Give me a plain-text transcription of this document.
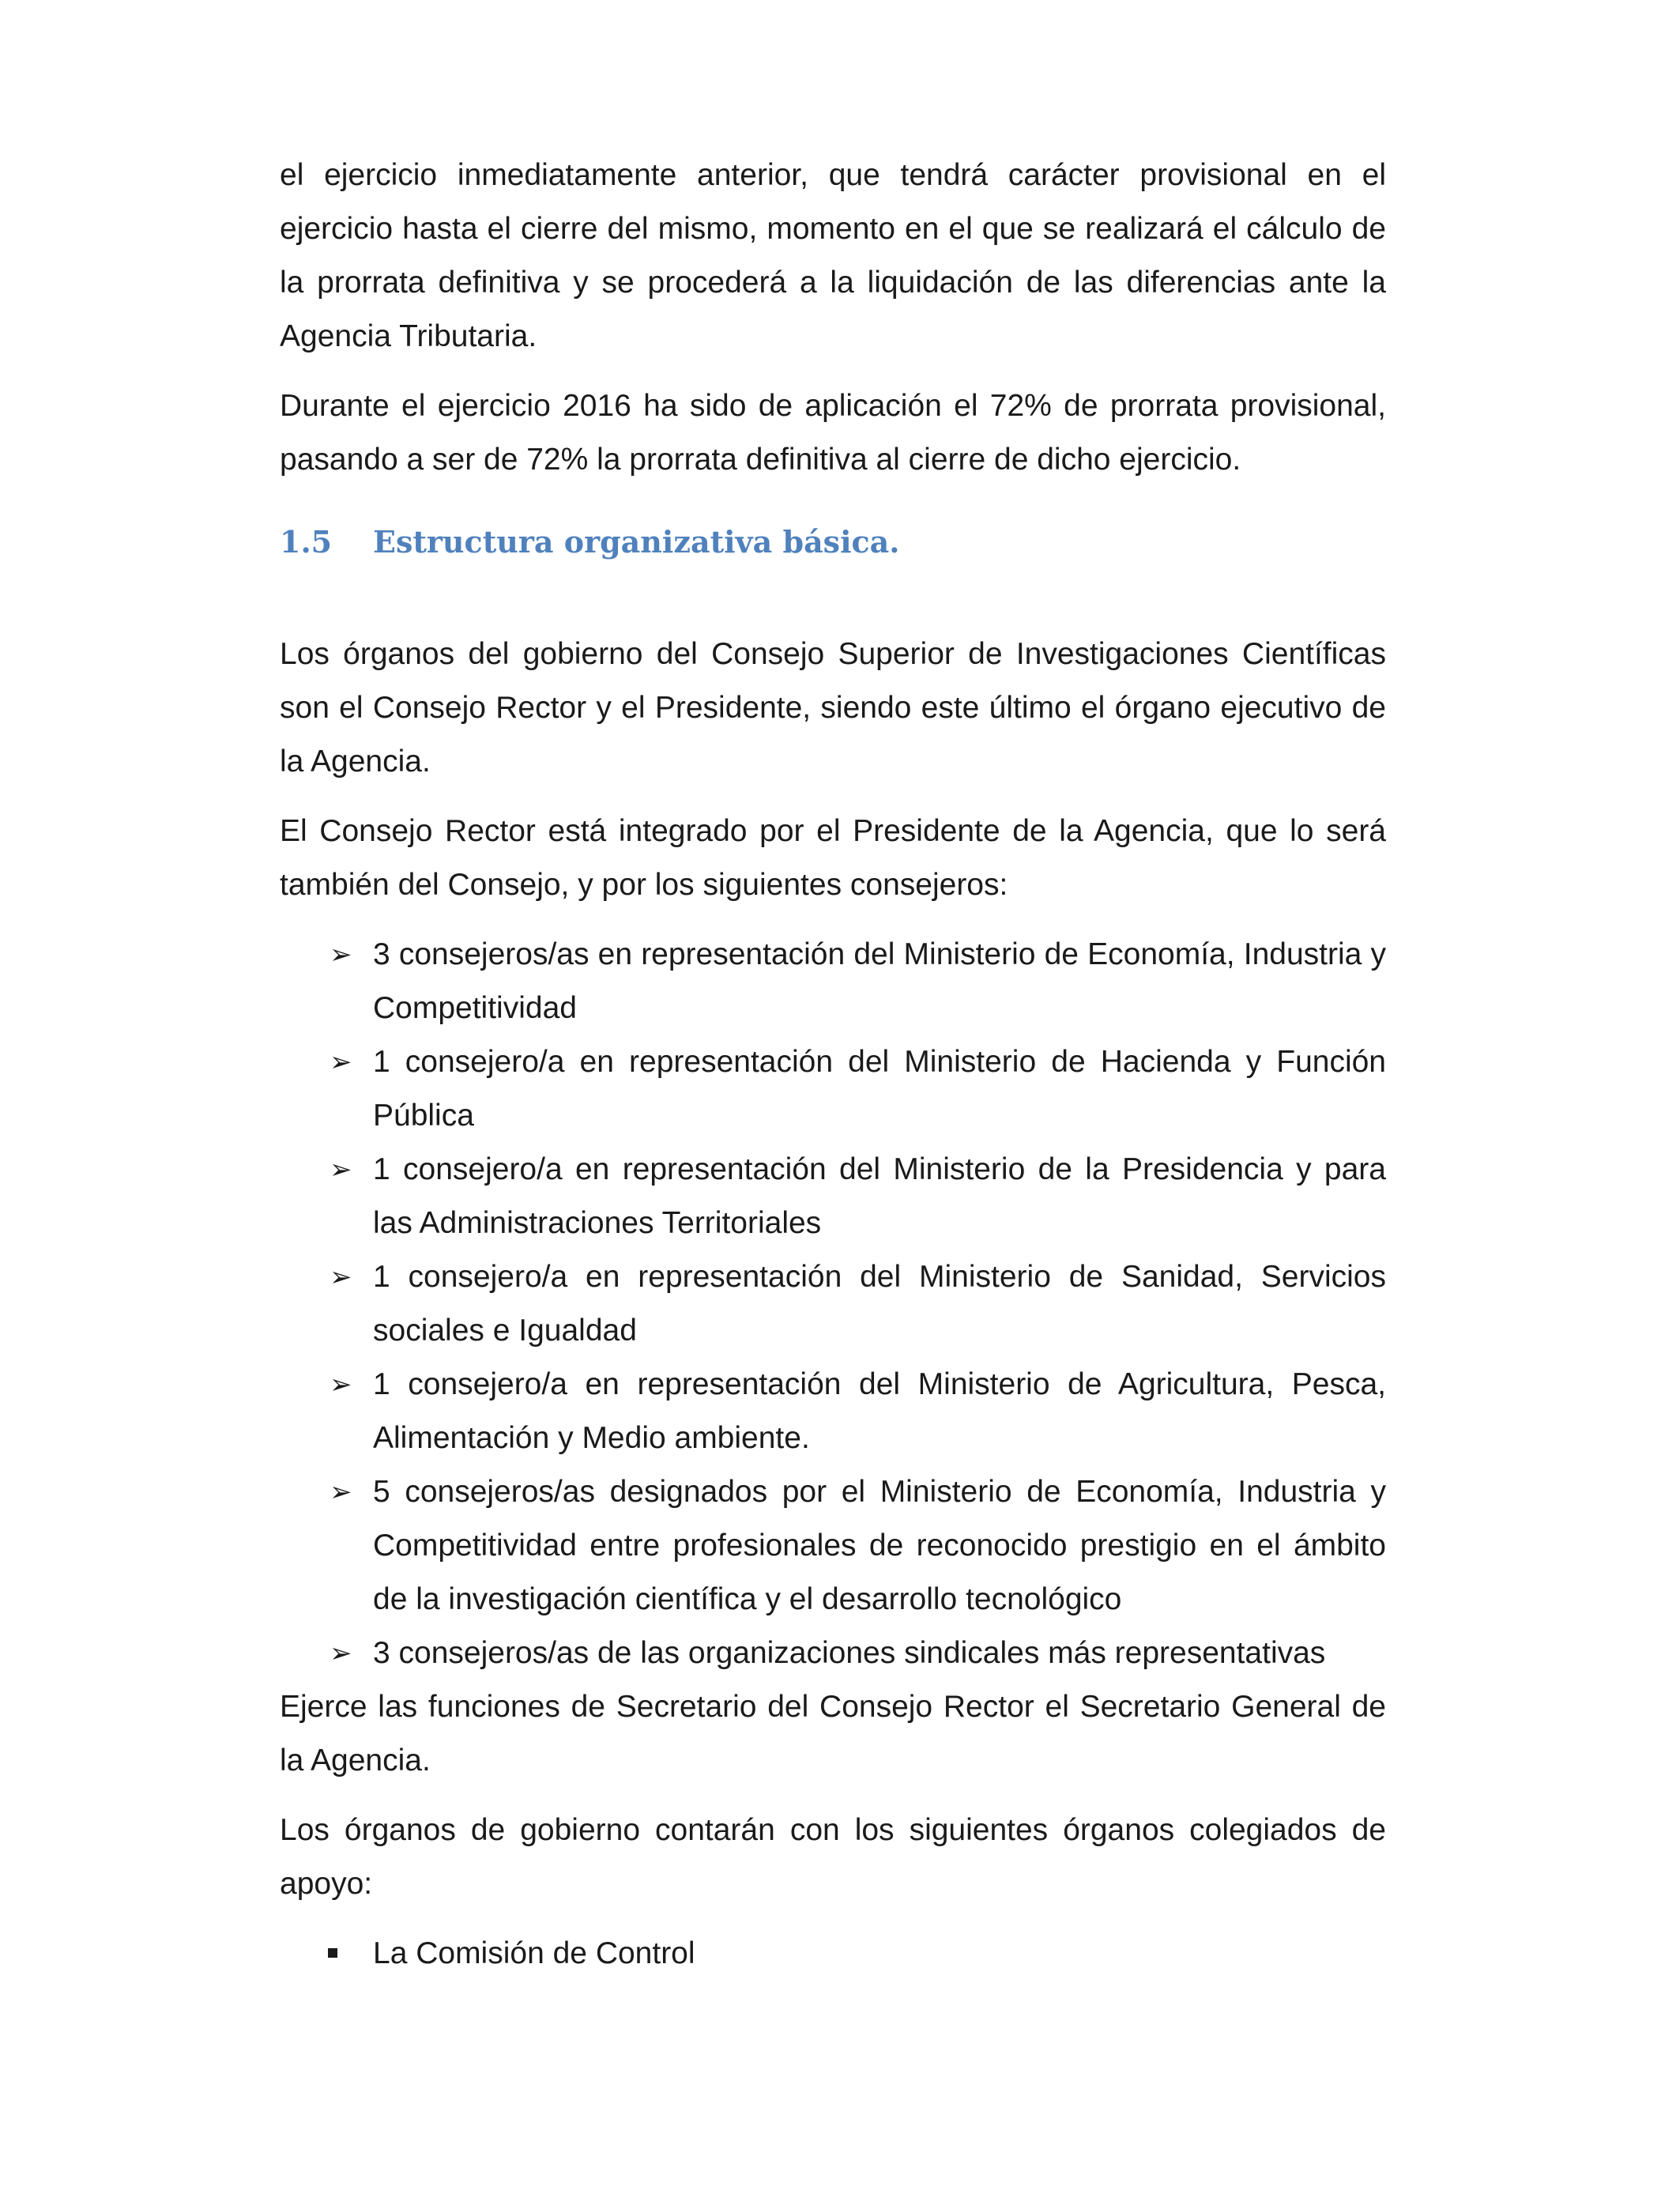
el ejercicio inmediatamente anterior, que tendrá carácter provisional en el ejercicio hasta el cierre del mismo, momento en el que se realizará el cálculo de la prorrata definitiva y se procederá a la liquidación de las diferencias ante la Agencia Tributaria.

Durante el ejercicio 2016 ha sido de aplicación el 72% de prorrata provisional, pasando a ser de 72% la prorrata definitiva al cierre de dicho ejercicio.

1.5	Estructura organizativa básica.

Los órganos del gobierno del Consejo Superior de Investigaciones Científicas son el Consejo Rector y el Presidente, siendo este último el órgano ejecutivo de la Agencia.

El Consejo Rector está integrado por el Presidente de la Agencia, que lo será también del Consejo, y por los siguientes consejeros:

➢ 3 consejeros/as en representación del Ministerio de Economía, Industria y Competitividad
➢ 1 consejero/a en representación del Ministerio de Hacienda y Función Pública
➢ 1 consejero/a en representación del Ministerio de la Presidencia y para las Administraciones Territoriales
➢ 1 consejero/a en representación del Ministerio de Sanidad, Servicios sociales e Igualdad
➢ 1 consejero/a en representación del Ministerio de Agricultura, Pesca, Alimentación y Medio ambiente.
➢ 5 consejeros/as designados por el Ministerio de Economía, Industria y Competitividad entre profesionales de reconocido prestigio en el ámbito de la investigación científica y el desarrollo tecnológico
➢ 3 consejeros/as de las organizaciones sindicales más representativas

Ejerce las funciones de Secretario del Consejo Rector el Secretario General de la Agencia.

Los órganos de gobierno contarán con los siguientes órganos colegiados de apoyo:

La Comisión de Control
